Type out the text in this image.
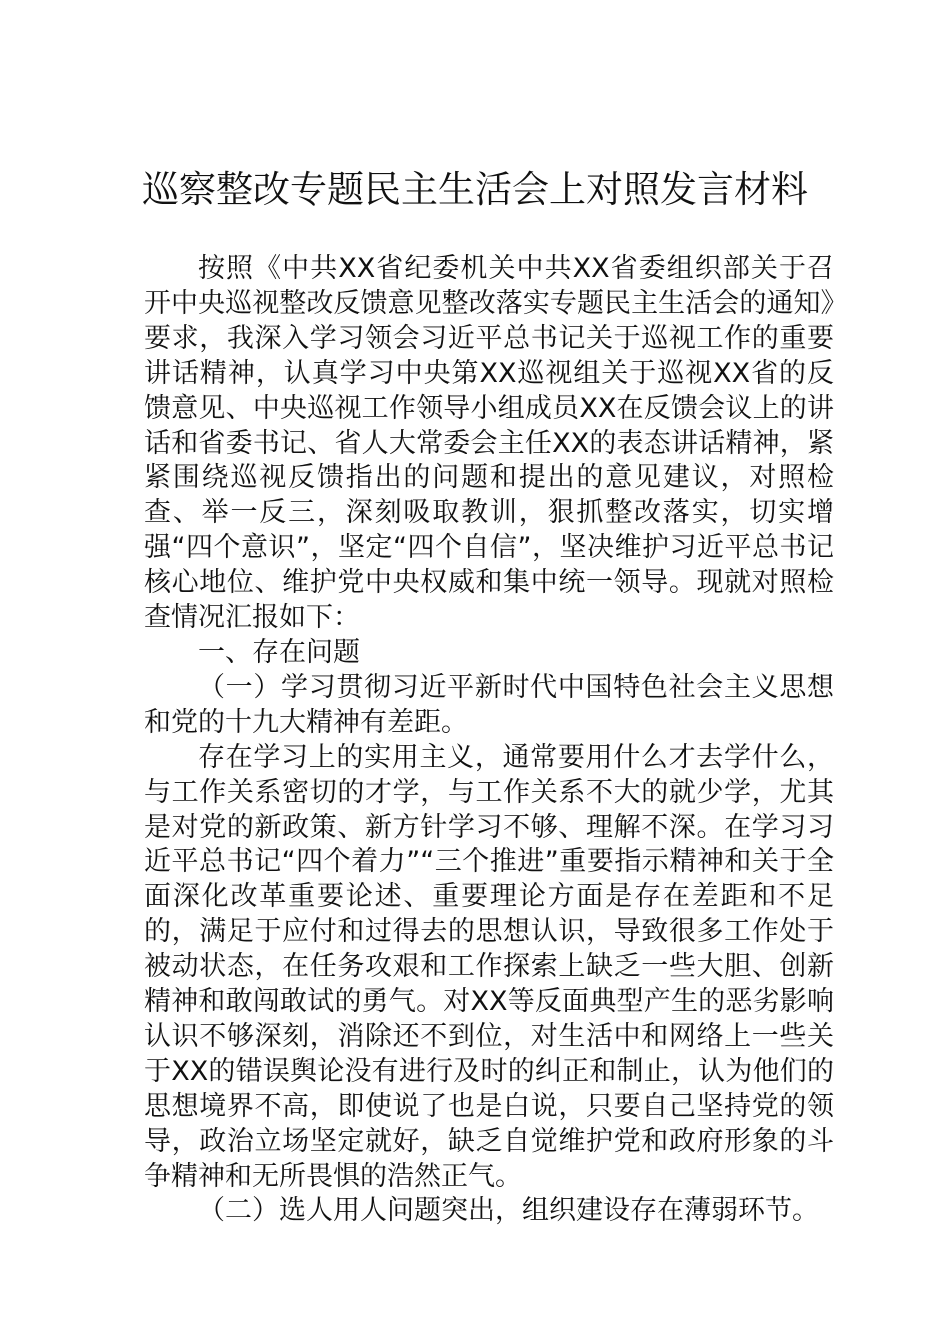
巡察整改专题民主生活会上对照发言材料

按照《中共XX省纪委机关中共XX省委组织部关于召开中央巡视整改反馈意见整改落实专题民主生活会的通知》要求，我深入学习领会习近平总书记关于巡视工作的重要讲话精神，认真学习中央第XX巡视组关于巡视XX省的反馈意见、中央巡视工作领导小组成员XX在反馈会议上的讲话和省委书记、省人大常委会主任XX的表态讲话精神，紧紧围绕巡视反馈指出的问题和提出的意见建议，对照检查、举一反三，深刻吸取教训，狠抓整改落实，切实增强“四个意识”，坚定“四个自信”，坚决维护习近平总书记核心地位、维护党中央权威和集中统一领导。现就对照检查情况汇报如下：

一、存在问题

（一）学习贯彻习近平新时代中国特色社会主义思想和党的十九大精神有差距。

存在学习上的实用主义，通常要用什么才去学什么，与工作关系密切的才学，与工作关系不大的就少学，尤其是对党的新政策、新方针学习不够、理解不深。在学习习近平总书记“四个着力”“三个推进”重要指示精神和关于全面深化改革重要论述、重要理论方面是存在差距和不足的，满足于应付和过得去的思想认识，导致很多工作处于被动状态，在任务攻艰和工作探索上缺乏一些大胆、创新精神和敢闯敢试的勇气。对XX等反面典型产生的恶劣影响认识不够深刻，消除还不到位，对生活中和网络上一些关于XX的错误舆论没有进行及时的纠正和制止，认为他们的思想境界不高，即使说了也是白说，只要自己坚持党的领导，政治立场坚定就好，缺乏自觉维护党和政府形象的斗争精神和无所畏惧的浩然正气。

（二）选人用人问题突出，组织建设存在薄弱环节。
